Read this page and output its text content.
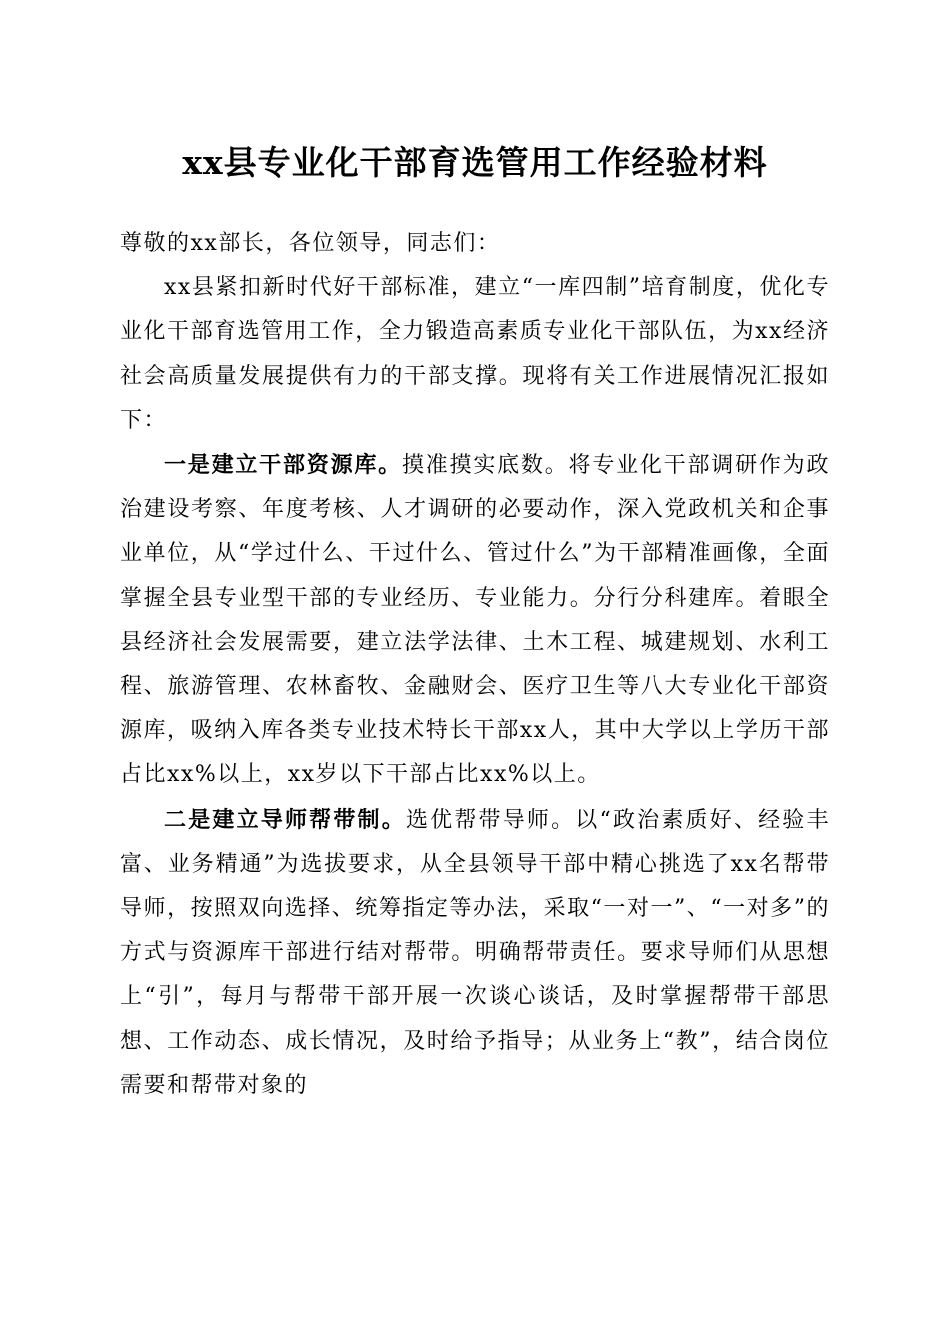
xx县专业化干部育选管用工作经验材料

尊敬的xx部长，各位领导，同志们：

xx县紧扣新时代好干部标准，建立“一库四制”培育制度，优化专业化干部育选管用工作，全力锻造高素质专业化干部队伍，为xx经济社会高质量发展提供有力的干部支撑。现将有关工作进展情况汇报如下：

一是建立干部资源库。摸准摸实底数。将专业化干部调研作为政治建设考察、年度考核、人才调研的必要动作，深入党政机关和企事业单位，从“学过什么、干过什么、管过什么”为干部精准画像，全面掌握全县专业型干部的专业经历、专业能力。分行分科建库。着眼全县经济社会发展需要，建立法学法律、土木工程、城建规划、水利工程、旅游管理、农林畜牧、金融财会、医疗卫生等八大专业化干部资源库，吸纳入库各类专业技术特长干部xx人，其中大学以上学历干部占比xx%以上，xx岁以下干部占比xx%以上。

二是建立导师帮带制。选优帮带导师。以“政治素质好、经验丰富、业务精通”为选拔要求，从全县领导干部中精心挑选了xx名帮带导师，按照双向选择、统筹指定等办法，采取“一对一”、“一对多”的方式与资源库干部进行结对帮带。明确帮带责任。要求导师们从思想上“引”，每月与帮带干部开展一次谈心谈话，及时掌握帮带干部思想、工作动态、成长情况，及时给予指导；从业务上“教”，结合岗位需要和帮带对象的
